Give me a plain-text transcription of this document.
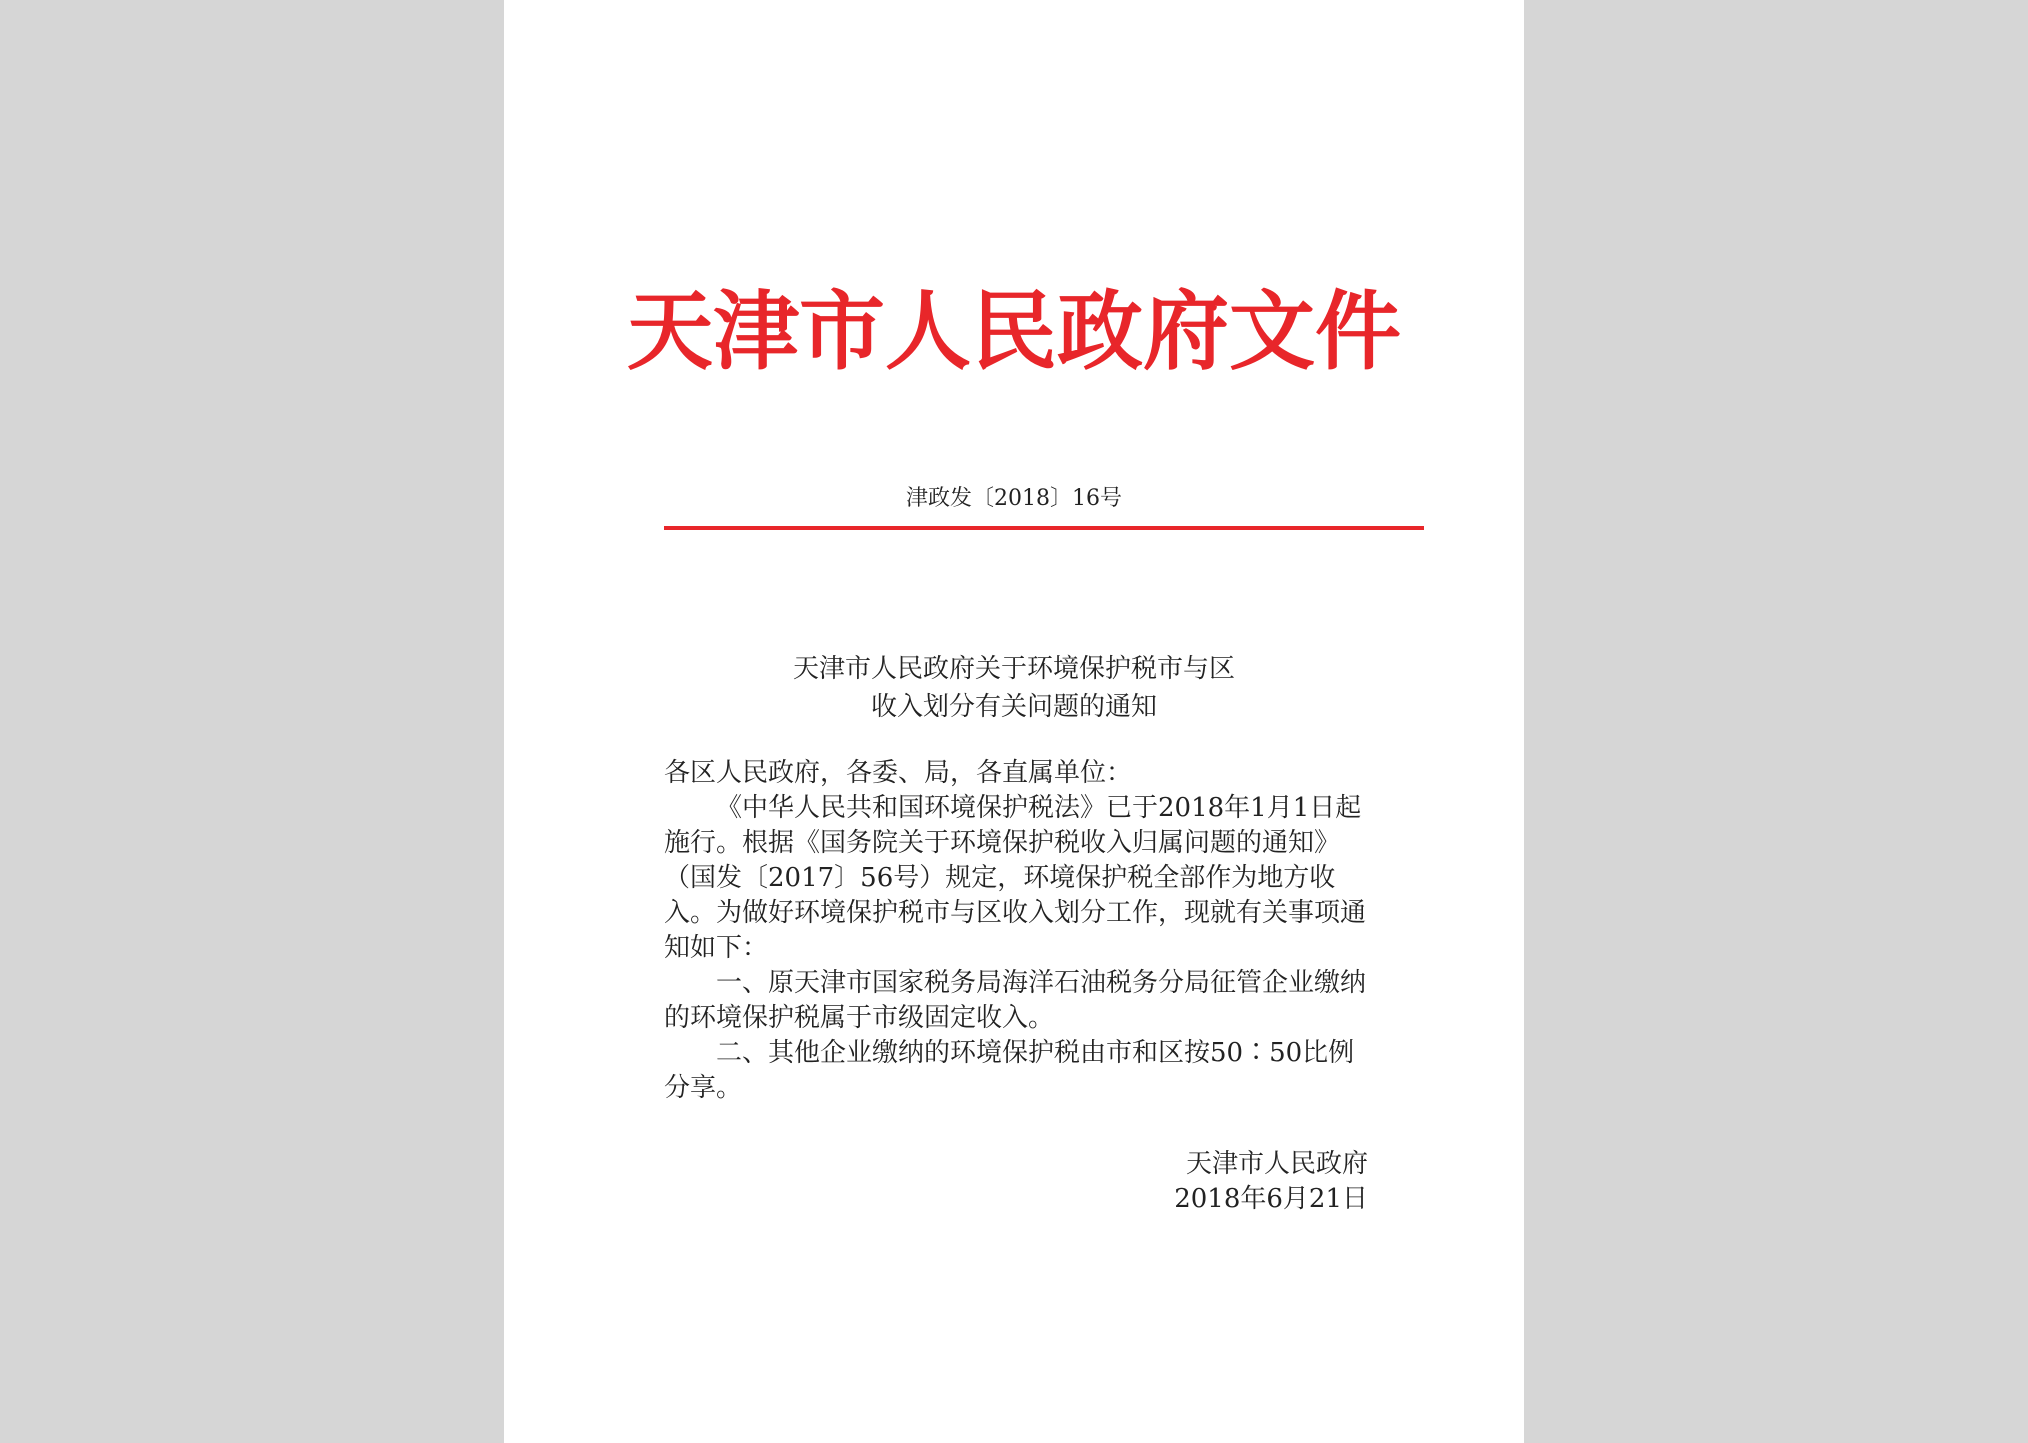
天津市人民政府文件
津政发〔2018〕16号
天津市人民政府关于环境保护税市与区
收入划分有关问题的通知

各区人民政府，各委、局，各直属单位：

《中华人民共和国环境保护税法》已于2018年1月1日起施行。根据《国务院关于环境保护税收入归属问题的通知》（国发〔2017〕56号）规定，环境保护税全部作为地方收入。为做好环境保护税市与区收入划分工作，现就有关事项通知如下：

一、原天津市国家税务局海洋石油税务分局征管企业缴纳的环境保护税属于市级固定收入。

二、其他企业缴纳的环境保护税由市和区按50∶50比例分享。

天津市人民政府
2018年6月21日
